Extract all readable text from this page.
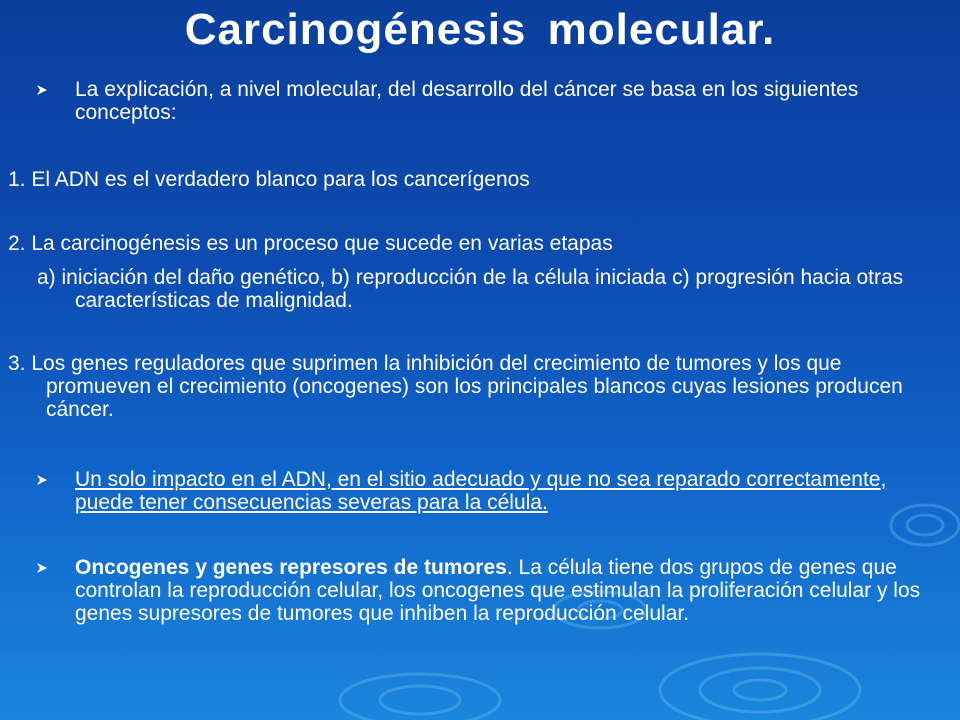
Carcinogénesis molecular.
La explicación, a nivel molecular, del desarrollo del cáncer se basa en los siguientes conceptos:
1. El ADN es el verdadero blanco para los cancerígenos
2. La carcinogénesis es un proceso que sucede en varias etapas
a) iniciación del daño genético, b) reproducción de la célula iniciada c) progresión hacia otras características de malignidad.
3. Los genes reguladores que suprimen la inhibición del crecimiento de tumores y los que promueven el crecimiento (oncogenes) son los principales blancos cuyas lesiones producen cáncer.
Un solo impacto en el ADN, en el sitio adecuado y que no sea reparado correctamente, puede tener consecuencias severas para la célula.
Oncogenes y genes represores de tumores. La célula tiene dos grupos de genes que controlan la reproducción celular, los oncogenes que estimulan la proliferación celular y los genes supresores de tumores que inhiben la reproducción celular.
